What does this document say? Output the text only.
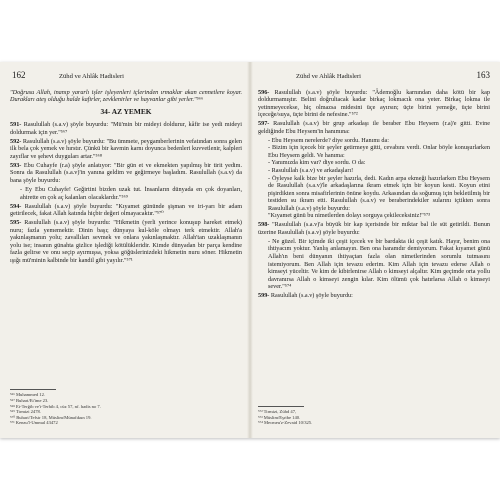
162	Zühd ve Ahlâk Hadisleri
"Doğrusu Allah, inanıp yararlı işler işleyenleri içlerinden ırmaklar akan cennetlere koyar. Durakları ateş olduğu halde kafirler, zevklenirler ve hayvanlar gibi yerler."⁵⁶⁶
34- AZ YEMEK
591- Rasulullah (s.a.v) şöyle buyurdu: "Mü'min bir mideyi doldurur, kâfir ise yedi mideyi doldurmak için yer."⁵⁶⁷
592- Rasulullah (s.a.v) şöyle buyurdu: "Bu ümmete, peygamberlerinin vefatından sonra gelen ilk bela çok yemek ve hırstır. Çünkü bir kavmin karnı doyunca bedenleri kuvvetlenir, kalpleri zayıflar ve şehevi duyguları artar."⁵⁶⁸
593- Ebu Cuhayfe (r.a) şöyle anlatıyor: "Bir gün et ve ekmekten yapılmış bir tirit yedim. Sonra da Rasulullah (s.a.v)'in yanına geldim ve geğirmeye başladım. Rasulullah (s.a.v) da bana şöyle buyurdu:
- Ey Ebu Cuhayfe! Geğirtini bizden uzak tut. İnsanların dünyada en çok doyanları, ahirette en çok aç kalanları olacaklardır."⁵⁶⁹
594- Rasulullah (s.a.v) şöyle buyurdu: "Kıyamet gününde şişman ve iri-yarı bir adam getirilecek, fakat Allah katında hiçbir değeri olmayacaktır."⁵⁷⁰
595- Rasulullah (s.a.v) şöyle buyurdu: "Hikmetin (yerli yerince konuşup hareket etmek) nuru; fazla yememektir. Dinin başı; dünyaya kul-köle olmayı terk etmektir. Allah'a yakınlaşmanın yolu; zavallıları sevmek ve onlara yakınlaşmaktır. Allah'tan uzaklaşmanın yolu ise; insanın günahta gizlice işlediği kötülükleridir. Kimde dünyadan bir parça kendine fazla gelirse ve onu seçip ayırmışsa, yoksa göğüslerinizdeki hikmetin nuru söner. Hikmetin ışığı mü'minin kalbinde bir kandil gibi yayılır."⁵⁷¹
⁵⁶⁶ Muhammed 12.
⁵⁶⁷ Buhari/Et'ime 23.
⁵⁶⁸ Et-Terğib ve't-Terhib 4, cüz 57, nf. hadis no 7.
⁵⁶⁹ Tirmizi 2478.
⁵⁷⁰ Buhari/Tefsir 18, Müslim/Münafıkun 19.
⁵⁷¹ Kenzu'l-Ummal 43472
Zühd ve Ahlâk Hadisleri	163
596- Rasulullah (s.a.v) şöyle buyurdu: "Âdemoğlu karnından daha kötü bir kap doldurmamıştır. Belini doğrultacak kadar birkaç lokmacık ona yeter. Birkaç lokma ile yetinmeyecekse, hiç olmazsa midesini üçe ayırsın; üçte birini yemeğe, üçte birini içeceğe/suya, üçte birini de nefesine."⁵⁷²
597- Rasulullah (s.a.v) bir grup arkadaşı ile beraber Ebu Heysem (r.a)'e gitti. Evine geldiğinde Ebu Heysem'in hanımına:
- Ebu Heysem nerelerde? diye sordu. Hanımı da:
- Bizim için içecek bir şeyler getirmeye gitti, cevabını verdi. Onlar böyle konuşurlarken Ebu Heysem geldi. Ve hanıma:
- Yanımızda kim var? diye sordu. O da:
- Rasulullah (s.a.v) ve arkadaşları!
- Öyleyse kalk bize bir şeyler hazırla, dedi. Kadın arpa ekmeği hazırlarken Ebu Heysem de Rasulullah (s.a.v)'le arkadaşlarına ikram etmek için bir koyun kesti. Koyun etini pişirdikten sonra misafirlerinin önüne koydu. Arkasından da soğumuş için bekletilmiş bir testiden su ikram etti. Rasulullah (s.a.v) ve beraberindekiler sularını içtikten sonra Rasulullah (s.a.v) şöyle buyurdu:
"Kıyamet günü bu nimetlerden dolayı sorguya çekileceksiniz!"⁵⁷³
598- "Rasulullah (s.a.v)'a büyük bir kap içerisinde bir miktar bal ile süt getirildi. Bunun üzerine Rasulullah (s.a.v) şöyle buyurdu:
- Ne güzel. Bir içimde iki çeşit içecek ve bir bardakta iki çeşit katık. Hayır, benim ona ihtiyacım yoktur. Yanlış anlamayın. Ben ona haramdır demiyorum. Fakat kıyamet günü Allah'ın beni dünyanın ihtiyaçtan fazla olan nimetlerinden sorumlu tutmasını istemiyorum. Ben Allah için tevazu ederim. Kim Allah için tevazu ederse Allah o kimseyi yüceltir. Ve kim de kibirlenirse Allah o kimseyi alçaltır. Kim geçimde orta yollu davranırsa Allah o kimseyi zengin kılar. Kim ölümü çok hatırlarsa Allah o kimseyi sever."⁵⁷⁴
599- Rasulullah (s.a.v) şöyle buyurdu:
⁵⁷² Tirmizi, Zühd 47,
⁵⁷³ Müslim/Eşribe 140.
⁵⁷⁴ Mecmeu'z-Zevaid 10/325.
